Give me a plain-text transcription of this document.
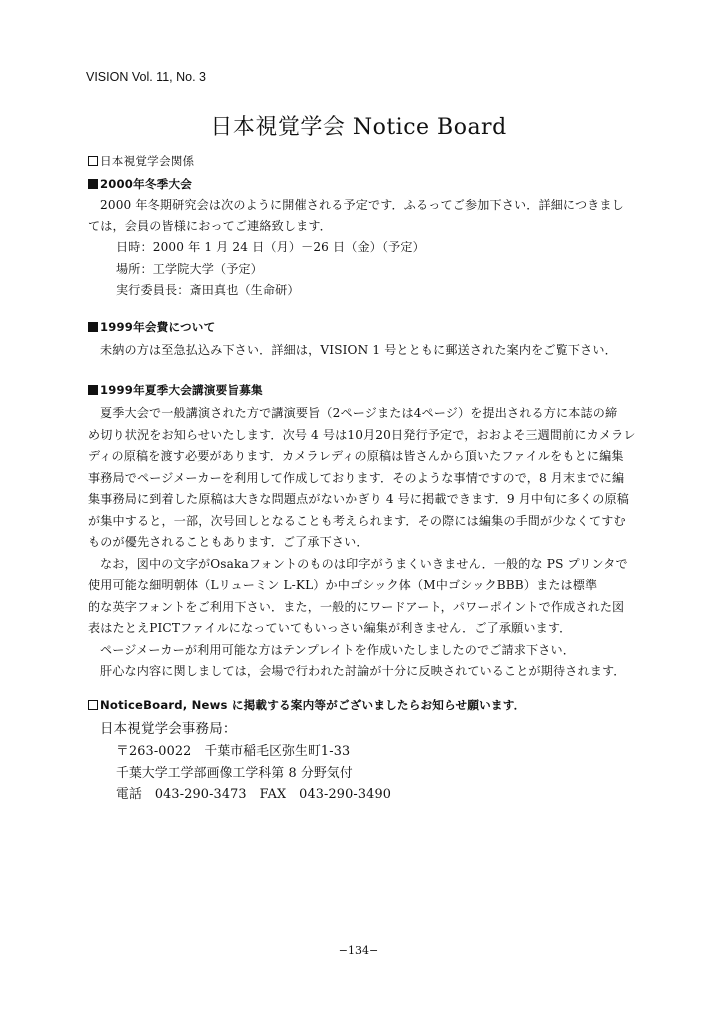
VISION Vol. 11, No. 3
日本視覚学会 Notice Board
日本視覚学会関係
2000年冬季大会
2000 年冬期研究会は次のように開催される予定です．ふるってご参加下さい．詳細につきまし
ては，会員の皆様におってご連絡致します．
日時：2000 年 1 月 24 日（月）－26 日（金）（予定）
場所：工学院大学（予定）
実行委員長：斎田真也（生命研）
1999年会費について
未納の方は至急払込み下さい．詳細は，VISION 1 号とともに郵送された案内をご覧下さい．
1999年夏季大会講演要旨募集
夏季大会で一般講演された方で講演要旨（2ページまたは4ページ）を提出される方に本誌の締
め切り状況をお知らせいたします．次号 4 号は10月20日発行予定で，おおよそ三週間前にカメラレ
ディの原稿を渡す必要があります．カメラレディの原稿は皆さんから頂いたファイルをもとに編集
事務局でページメーカーを利用して作成しております．そのような事情ですので，8 月末までに編
集事務局に到着した原稿は大きな問題点がないかぎり 4 号に掲載できます．9 月中旬に多くの原稿
が集中すると，一部，次号回しとなることも考えられます．その際には編集の手間が少なくてすむ
ものが優先されることもあります．ご了承下さい．
なお，図中の文字がOsakaフォントのものは印字がうまくいきません．一般的な PS プリンタで
使用可能な細明朝体（Lリューミン L-KL）か中ゴシック体（M中ゴシックBBB）または標準
的な英字フォントをご利用下さい．また，一般的にワードアート，パワーポイントで作成された図
表はたとえPICTファイルになっていてもいっさい編集が利きません．ご了承願います．
ページメーカーが利用可能な方はテンプレイトを作成いたしましたのでご請求下さい．
肝心な内容に関しましては，会場で行われた討論が十分に反映されていることが期待されます．
NoticeBoard, News に掲載する案内等がございましたらお知らせ願います．
日本視覚学会事務局：
〒263-0022　千葉市稲毛区弥生町1-33
千葉大学工学部画像工学科第 8 分野気付
電話　043-290-3473　FAX　043-290-3490
−134−
